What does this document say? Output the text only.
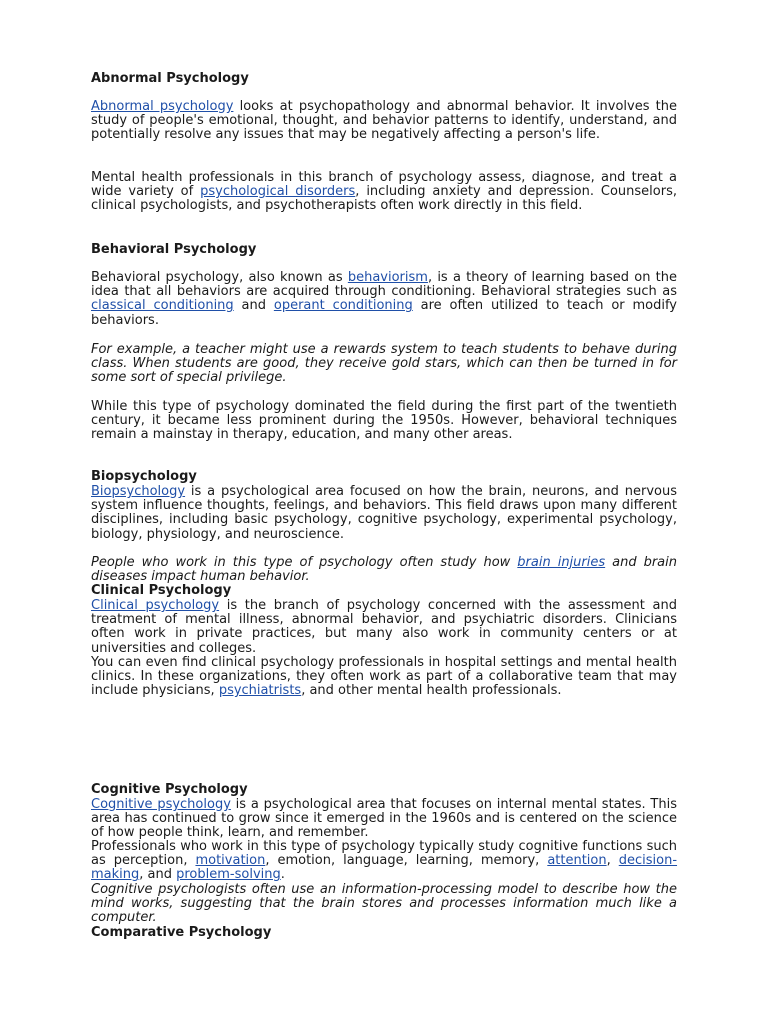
Abnormal Psychology

Abnormal psychology looks at psychopathology and abnormal behavior. It involves the study of people's emotional, thought, and behavior patterns to identify, understand, and potentially resolve any issues that may be negatively affecting a person's life.

Mental health professionals in this branch of psychology assess, diagnose, and treat a wide variety of psychological disorders, including anxiety and depression. Counselors, clinical psychologists, and psychotherapists often work directly in this field.

Behavioral Psychology

Behavioral psychology, also known as behaviorism, is a theory of learning based on the idea that all behaviors are acquired through conditioning. Behavioral strategies such as classical conditioning and operant conditioning are often utilized to teach or modify behaviors.

For example, a teacher might use a rewards system to teach students to behave during class. When students are good, they receive gold stars, which can then be turned in for some sort of special privilege.

While this type of psychology dominated the field during the first part of the twentieth century, it became less prominent during the 1950s. However, behavioral techniques remain a mainstay in therapy, education, and many other areas.

Biopsychology

Biopsychology is a psychological area focused on how the brain, neurons, and nervous system influence thoughts, feelings, and behaviors. This field draws upon many different disciplines, including basic psychology, cognitive psychology, experimental psychology, biology, physiology, and neuroscience.

People who work in this type of psychology often study how brain injuries and brain diseases impact human behavior.

Clinical Psychology

Clinical psychology is the branch of psychology concerned with the assessment and treatment of mental illness, abnormal behavior, and psychiatric disorders. Clinicians often work in private practices, but many also work in community centers or at universities and colleges.

You can even find clinical psychology professionals in hospital settings and mental health clinics. In these organizations, they often work as part of a collaborative team that may include physicians, psychiatrists, and other mental health professionals.

Cognitive Psychology

Cognitive psychology is a psychological area that focuses on internal mental states. This area has continued to grow since it emerged in the 1960s and is centered on the science of how people think, learn, and remember.

Professionals who work in this type of psychology typically study cognitive functions such as perception, motivation, emotion, language, learning, memory, attention, decision-making, and problem-solving.

Cognitive psychologists often use an information-processing model to describe how the mind works, suggesting that the brain stores and processes information much like a computer.

Comparative Psychology
